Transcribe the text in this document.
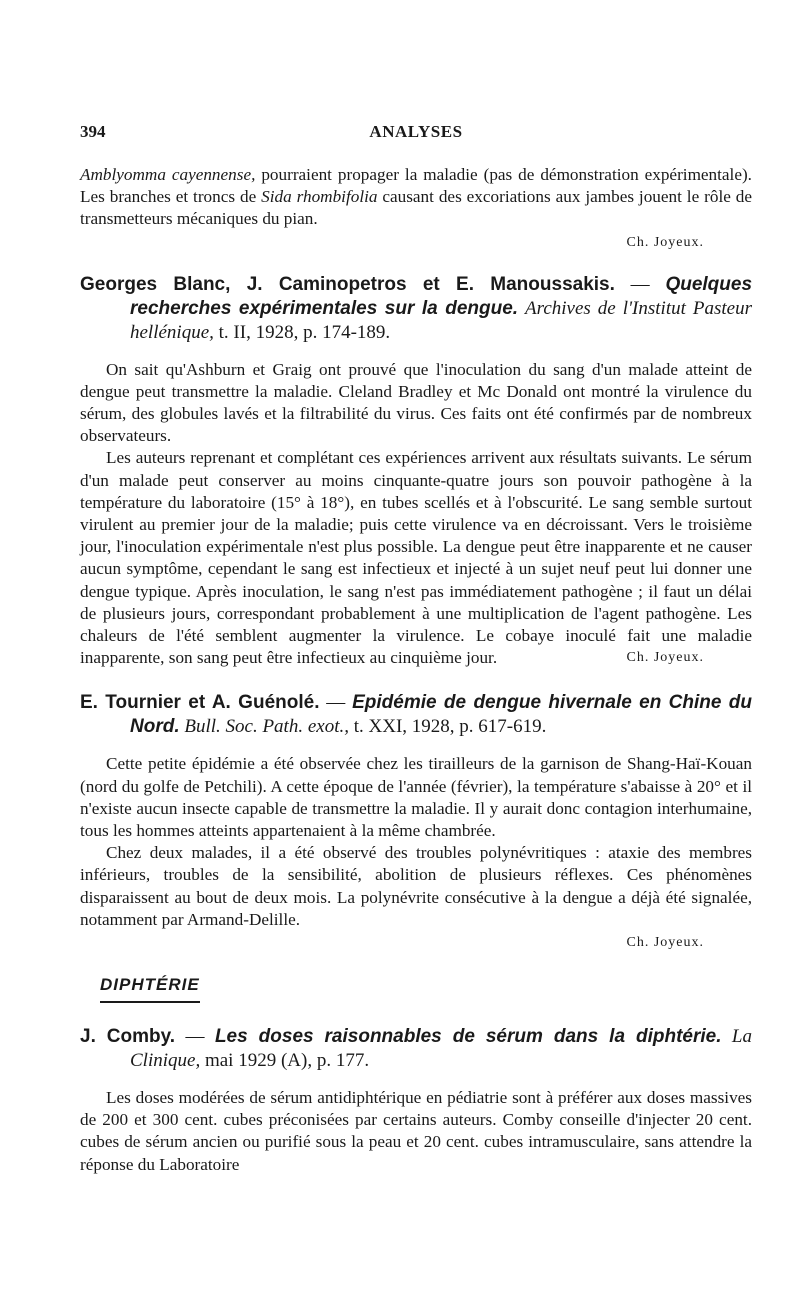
394	ANALYSES

Amblyomma cayennense, pourraient propager la maladie (pas de démonstration expérimentale). Les branches et troncs de Sida rhombifolia causant des excoriations aux jambes jouent le rôle de transmetteurs mécaniques du pian.

Ch. Joyeux.
Georges Blanc, J. Caminopetros et E. Manoussakis. — Quelques recherches expérimentales sur la dengue. Archives de l'Institut Pasteur hellénique, t. II, 1928, p. 174-189.

On sait qu'Ashburn et Graig ont prouvé que l'inoculation du sang d'un malade atteint de dengue peut transmettre la maladie. Cleland Bradley et Mc Donald ont montré la virulence du sérum, des globules lavés et la filtrabilité du virus. Ces faits ont été confirmés par de nombreux observateurs.

Les auteurs reprenant et complétant ces expériences arrivent aux résultats suivants. Le sérum d'un malade peut conserver au moins cinquante-quatre jours son pouvoir pathogène à la température du laboratoire (15° à 18°), en tubes scellés et à l'obscurité. Le sang semble surtout virulent au premier jour de la maladie; puis cette virulence va en décroissant. Vers le troisième jour, l'inoculation expérimentale n'est plus possible. La dengue peut être inapparente et ne causer aucun symptôme, cependant le sang est infectieux et injecté à un sujet neuf peut lui donner une dengue typique. Après inoculation, le sang n'est pas immédiatement pathogène ; il faut un délai de plusieurs jours, correspondant probablement à une multiplication de l'agent pathogène. Les chaleurs de l'été semblent augmenter la virulence. Le cobaye inoculé fait une maladie inapparente, son sang peut être infectieux au cinquième jour.	Ch. Joyeux.

E. Tournier et A. Guénolé. — Epidémie de dengue hivernale en Chine du Nord. Bull. Soc. Path. exot., t. XXI, 1928, p. 617-619.

Cette petite épidémie a été observée chez les tirailleurs de la garnison de Shang-Haï-Kouan (nord du golfe de Petchili). A cette époque de l'année (février), la température s'abaisse à 20° et il n'existe aucun insecte capable de transmettre la maladie. Il y aurait donc contagion interhumaine, tous les hommes atteints appartenaient à la même chambrée.

Chez deux malades, il a été observé des troubles polynévritiques : ataxie des membres inférieurs, troubles de la sensibilité, abolition de plusieurs réflexes. Ces phénomènes disparaissent au bout de deux mois. La polynévrite consécutive à la dengue a déjà été signalée, notamment par Armand-Delille.

Ch. Joyeux.
DIPHTÉRIE
J. Comby. — Les doses raisonnables de sérum dans la diphtérie. La Clinique, mai 1929 (A), p. 177.

Les doses modérées de sérum antidiphtérique en pédiatrie sont à préférer aux doses massives de 200 et 300 cent. cubes préconisées par certains auteurs. Comby conseille d'injecter 20 cent. cubes de sérum ancien ou purifié sous la peau et 20 cent. cubes intramusculaire, sans attendre la réponse du Laboratoire
